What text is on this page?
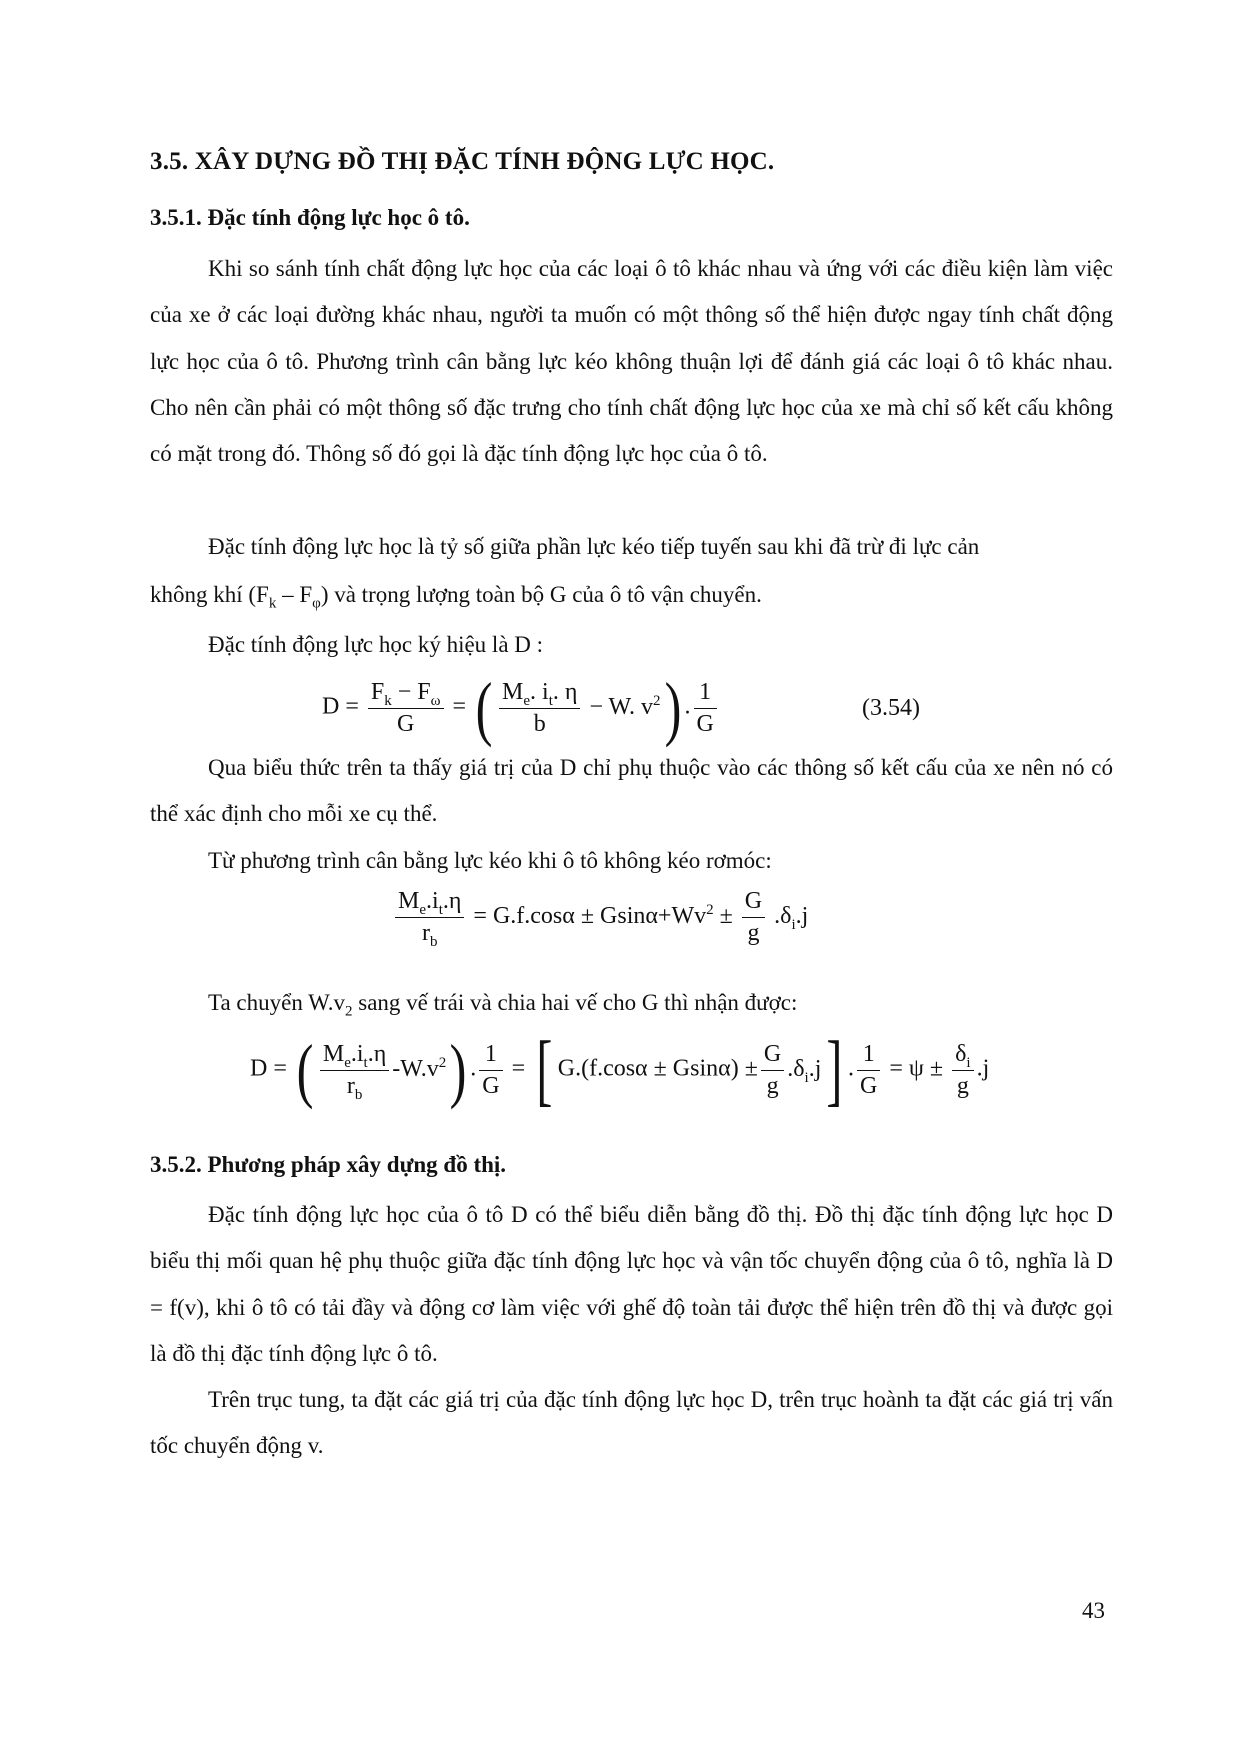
3.5. XÂY DỰNG ĐỒ THỊ ĐẶC TÍNH ĐỘNG LỰC HỌC.
3.5.1. Đặc tính động lực học ô tô.
Khi so sánh tính chất động lực học của các loại ô tô khác nhau và ứng với các điều kiện làm việc của xe ở các loại đường khác nhau, người ta muốn có một thông số thể hiện được ngay tính chất động lực học của ô tô. Phương trình cân bằng lực kéo không thuận lợi để đánh giá các loại ô tô khác nhau. Cho nên cần phải có một thông số đặc trưng cho tính chất động lực học của xe mà chỉ số kết cấu không có mặt trong đó. Thông số đó gọi là đặc tính động lực học của ô tô.
Đặc tính động lực học là tỷ số giữa phần lực kéo tiếp tuyến sau khi đã trừ đi lực cản
không khí $(F_k - F_\varphi)$ và trọng lượng toàn bộ G của ô tô vận chuyển.
Đặc tính động lực học ký hiệu là D :
$D = \frac{F_k - F_\omega}{G}$ = ( $\frac{M_e. i_t. \eta}{b} - W$. $v^2$) . $\frac{1}{G}$	(3.54)
Qua biểu thức trên ta thấy giá trị của D chỉ phụ thuộc vào các thông số kết cấu của xe nên nó có thể xác định cho mỗi xe cụ thể.
Từ phương trình cân bằng lực kéo khi ô tô không kéo rơmóc:
$\frac{M_e.i_t.\eta}{r_b} = G.f.\cos\alpha \pm Gsin\alpha+Wv^2 \pm \frac{G}{g} .\delta_i.j$
Ta chuyển $W.v_2$ sang vế trái và chia hai vế cho G thì nhận được:
D = ( $\frac{M_e.i_t.\eta}{r_b} -W.v^2$) . $\frac{1}{G}$ = [ $G.(f.\cos\alpha \pm Gsin\alpha) \pm \frac{G}{g} .\delta_i.j$] . $\frac{1}{G} = \psi \pm \frac{\delta_i}{g} .j$
3.5.2. Phương pháp xây dựng đồ thị.
Đặc tính động lực học của ô tô D có thể biểu diễn bằng đồ thị. Đồ thị đặc tính động lực học D biểu thị mối quan hệ phụ thuộc giữa đặc tính động lực học và vận tốc chuyển động của ô tô, nghĩa là D = f(v), khi ô tô có tải đầy và động cơ làm việc với ghế độ toàn tải được thể hiện trên đồ thị và được gọi là đồ thị đặc tính động lực ô tô.
Trên trục tung, ta đặt các giá trị của đặc tính động lực học D, trên trục hoành ta đặt các giá trị vấn tốc chuyển động v.
43
